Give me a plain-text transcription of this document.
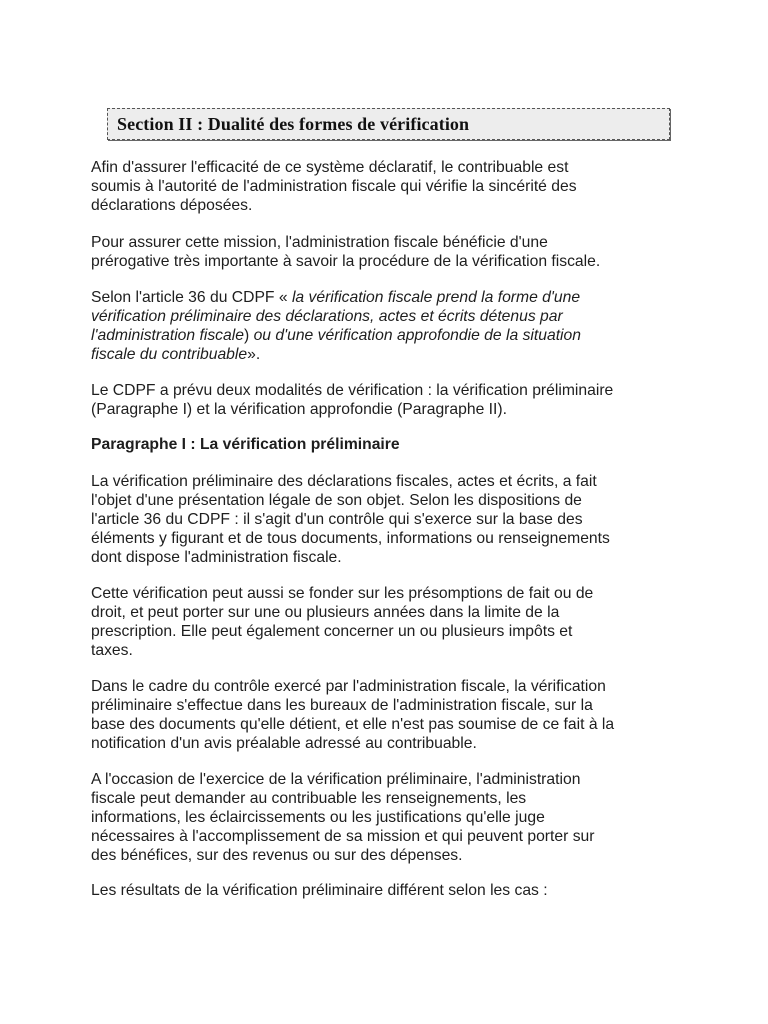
Section II : Dualité des formes de vérification

Afin d'assurer l'efficacité de ce système déclaratif, le contribuable est
soumis à l'autorité de l'administration fiscale qui vérifie la sincérité des
déclarations déposées.

Pour assurer cette mission, l'administration fiscale bénéficie d'une
prérogative très importante à savoir la procédure de la vérification fiscale.

Selon l'article 36 du CDPF « la vérification fiscale prend la forme d'une
vérification préliminaire des déclarations, actes et écrits détenus par
l'administration fiscale) ou d'une vérification approfondie de la situation
fiscale du contribuable».

Le CDPF a prévu deux modalités de vérification : la vérification préliminaire
(Paragraphe I) et la vérification approfondie (Paragraphe II).

Paragraphe I : La vérification préliminaire

La vérification préliminaire des déclarations fiscales, actes et écrits, a fait
l'objet d'une présentation légale de son objet. Selon les dispositions de
l'article 36 du CDPF : il s'agit d'un contrôle qui s'exerce sur la base des
éléments y figurant et de tous documents, informations ou renseignements
dont dispose l'administration fiscale.

Cette vérification peut aussi se fonder sur les présomptions de fait ou de
droit, et peut porter sur une ou plusieurs années dans la limite de la
prescription. Elle peut également concerner un ou plusieurs impôts et
taxes.

Dans le cadre du contrôle exercé par l'administration fiscale, la vérification
préliminaire s'effectue dans les bureaux de l'administration fiscale, sur la
base des documents qu'elle détient, et elle n'est pas soumise de ce fait à la
notification d'un avis préalable adressé au contribuable.

A l'occasion de l'exercice de la vérification préliminaire, l'administration
fiscale peut demander au contribuable les renseignements, les
informations, les éclaircissements ou les justifications qu'elle juge
nécessaires à l'accomplissement de sa mission et qui peuvent porter sur
des bénéfices, sur des revenus ou sur des dépenses.

Les résultats de la vérification préliminaire différent selon les cas :
